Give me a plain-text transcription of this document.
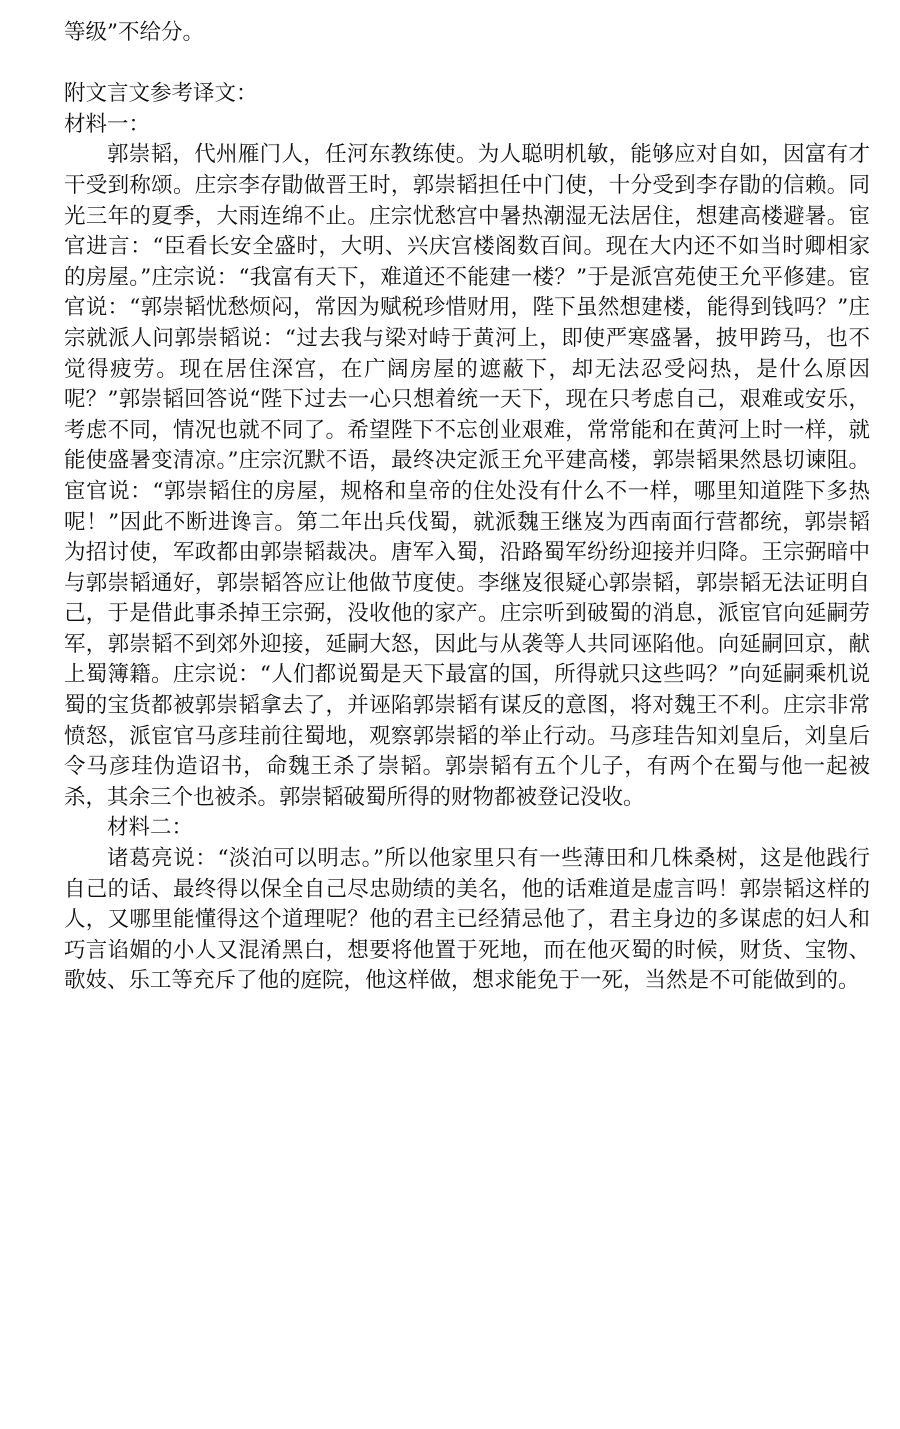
等级”不给分。

附文言文参考译文：

材料一：

郭崇韬，代州雁门人，任河东教练使。为人聪明机敏，能够应对自如，因富有才干受到称颂。庄宗李存勖做晋王时，郭崇韬担任中门使，十分受到李存勖的信赖。同光三年的夏季，大雨连绵不止。庄宗忧愁宫中暑热潮湿无法居住，想建高楼避暑。宦官进言：“臣看长安全盛时，大明、兴庆宫楼阁数百间。现在大内还不如当时卿相家的房屋。”庄宗说：“我富有天下，难道还不能建一楼？”于是派宫苑使王允平修建。宦官说：“郭崇韬忧愁烦闷，常因为赋税珍惜财用，陛下虽然想建楼，能得到钱吗？”庄宗就派人问郭崇韬说：“过去我与梁对峙于黄河上，即使严寒盛暑，披甲跨马，也不觉得疲劳。现在居住深宫，在广阔房屋的遮蔽下，却无法忍受闷热，是什么原因呢？”郭崇韬回答说“陛下过去一心只想着统一天下，现在只考虑自己，艰难或安乐，考虑不同，情况也就不同了。希望陛下不忘创业艰难，常常能和在黄河上时一样，就能使盛暑变清凉。”庄宗沉默不语，最终决定派王允平建高楼，郭崇韬果然恳切谏阻。宦官说：“郭崇韬住的房屋，规格和皇帝的住处没有什么不一样，哪里知道陛下多热呢！”因此不断进谗言。第二年出兵伐蜀，就派魏王继岌为西南面行营都统，郭崇韬为招讨使，军政都由郭崇韬裁决。唐军入蜀，沿路蜀军纷纷迎接并归降。王宗弼暗中与郭崇韬通好，郭崇韬答应让他做节度使。李继岌很疑心郭崇韬，郭崇韬无法证明自己，于是借此事杀掉王宗弼，没收他的家产。庄宗听到破蜀的消息，派宦官向延嗣劳军，郭崇韬不到郊外迎接，延嗣大怒，因此与从袭等人共同诬陷他。向延嗣回京，献上蜀簿籍。庄宗说：“人们都说蜀是天下最富的国，所得就只这些吗？”向延嗣乘机说蜀的宝货都被郭崇韬拿去了，并诬陷郭崇韬有谋反的意图，将对魏王不利。庄宗非常愤怒，派宦官马彦珪前往蜀地，观察郭崇韬的举止行动。马彦珪告知刘皇后，刘皇后令马彦珪伪造诏书，命魏王杀了崇韬。郭崇韬有五个儿子，有两个在蜀与他一起被杀，其余三个也被杀。郭崇韬破蜀所得的财物都被登记没收。

材料二：

诸葛亮说：“淡泊可以明志。”所以他家里只有一些薄田和几株桑树，这是他践行自己的话、最终得以保全自己尽忠勋绩的美名，他的话难道是虚言吗！郭崇韬这样的人，又哪里能懂得这个道理呢？他的君主已经猜忌他了，君主身边的多谋虑的妇人和巧言谄媚的小人又混淆黑白，想要将他置于死地，而在他灭蜀的时候，财货、宝物、歌妓、乐工等充斥了他的庭院，他这样做，想求能免于一死，当然是不可能做到的。
